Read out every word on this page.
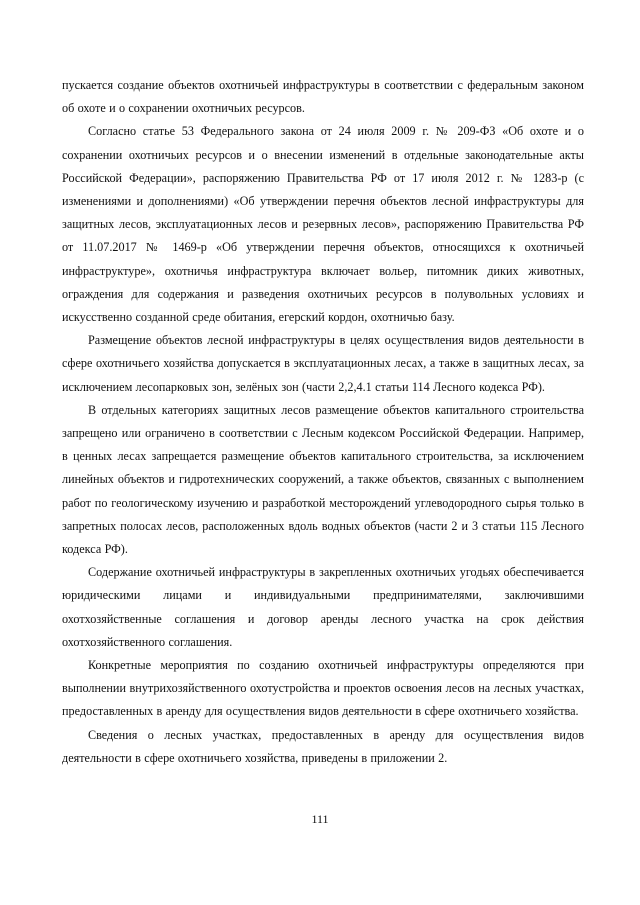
пускается создание объектов охотничьей инфраструктуры в соответствии с федеральным законом об охоте и о сохранении охотничьих ресурсов.

Согласно статье 53 Федерального закона от 24 июля 2009 г. № 209-ФЗ «Об охоте и о сохранении охотничьих ресурсов и о внесении изменений в отдельные законодательные акты Российской Федерации», распоряжению Правительства РФ от 17 июля 2012 г. № 1283-р (с изменениями и дополнениями) «Об утверждении перечня объектов лесной инфраструктуры для защитных лесов, эксплуатационных лесов и резервных лесов», распоряжению Правительства РФ от 11.07.2017 № 1469-р «Об утверждении перечня объектов, относящихся к охотничьей инфраструктуре», охотничья инфраструктура включает вольер, питомник диких животных, ограждения для содержания и разведения охотничьих ресурсов в полувольных условиях и искусственно созданной среде обитания, егерский кордон, охотничью базу.

Размещение объектов лесной инфраструктуры в целях осуществления видов деятельности в сфере охотничьего хозяйства допускается в эксплуатационных лесах, а также в защитных лесах, за исключением лесопарковых зон, зелёных зон (части 2,2,4.1 статьи 114 Лесного кодекса РФ).

В отдельных категориях защитных лесов размещение объектов капитального строительства запрещено или ограничено в соответствии с Лесным кодексом Российской Федерации. Например, в ценных лесах запрещается размещение объектов капитального строительства, за исключением линейных объектов и гидротехнических сооружений, а также объектов, связанных с выполнением работ по геологическому изучению и разработкой месторождений углеводородного сырья только в запретных полосах лесов, расположенных вдоль водных объектов (части 2 и 3 статьи 115 Лесного кодекса РФ).

Содержание охотничьей инфраструктуры в закрепленных охотничьих угодьях обеспечивается юридическими лицами и индивидуальными предпринимателями, заключившими охотхозяйственные соглашения и договор аренды лесного участка на срок действия охотхозяйственного соглашения.

Конкретные мероприятия по созданию охотничьей инфраструктуры определяются при выполнении внутрихозяйственного охотустройства и проектов освоения лесов на лесных участках, предоставленных в аренду для осуществления видов деятельности в сфере охотничьего хозяйства.

Сведения о лесных участках, предоставленных в аренду для осуществления видов деятельности в сфере охотничьего хозяйства, приведены в приложении 2.

111
